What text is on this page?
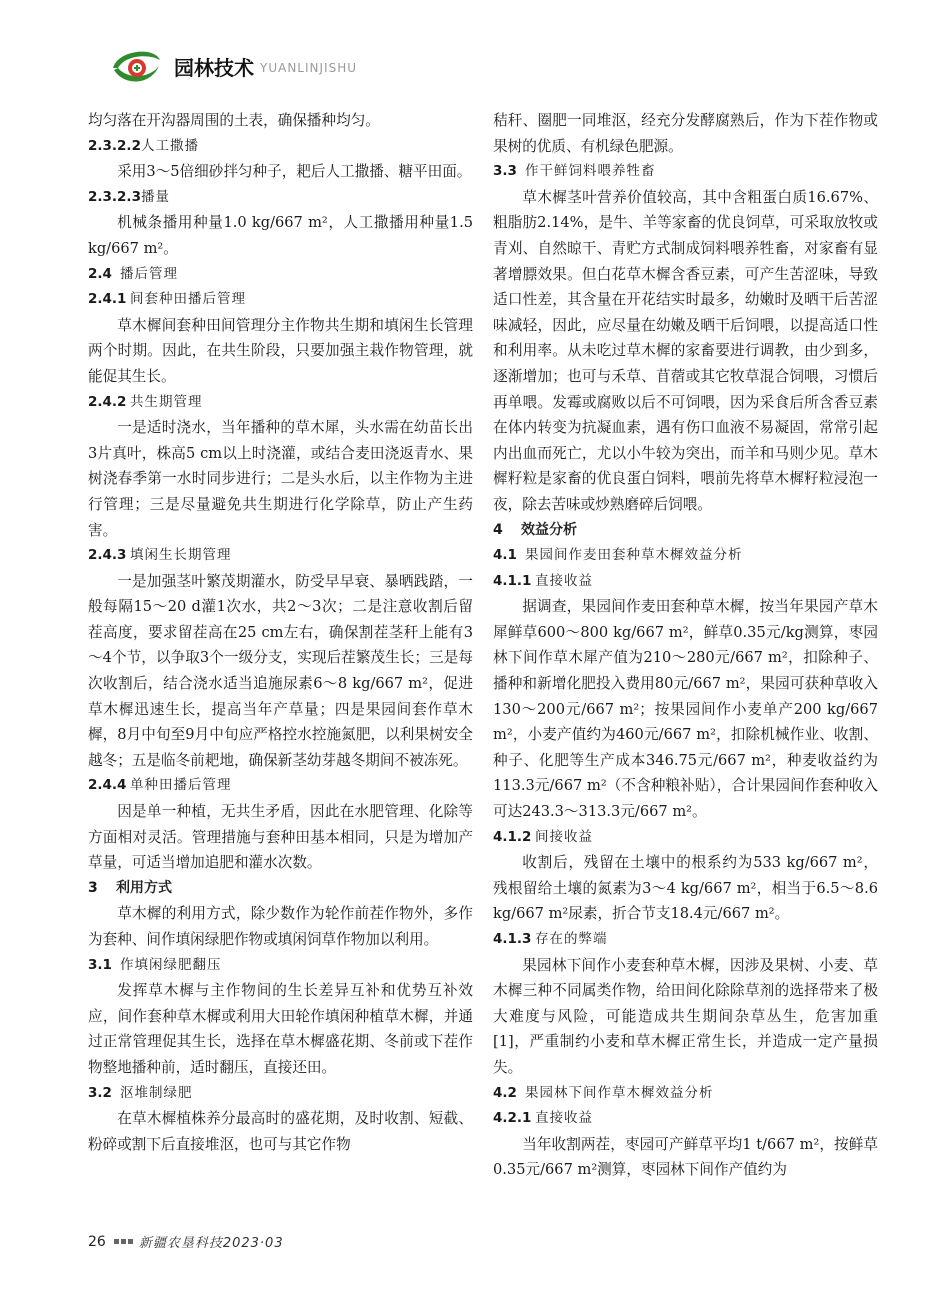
园林技术 YUANLINJISHU

均匀落在开沟器周围的土表，确保播种均匀。

2.3.2.2 人工撒播

采用3～5倍细砂拌匀种子，耙后人工撒播、糖平田面。

2.3.2.3 播量

机械条播用种量1.0 kg/667 m²，人工撒播用种量1.5 kg/667 m²。

2.4 播后管理
2.4.1 间套种田播后管理

草木樨间套种田间管理分主作物共生期和填闲生长管理两个时期。因此，在共生阶段，只要加强主栽作物管理，就能促其生长。

2.4.2 共生期管理

一是适时浇水，当年播种的草木犀，头水需在幼苗长出3片真叶，株高5 cm以上时浇灌，或结合麦田浇返青水、果树浇春季第一水时同步进行；二是头水后，以主作物为主进行管理；三是尽量避免共生期进行化学除草，防止产生药害。

2.4.3 填闲生长期管理

一是加强茎叶繁茂期灌水，防受早早衰、暴晒践踏，一般每隔15～20 d灌1次水，共2～3次；二是注意收割后留茬高度，要求留茬高在25 cm左右，确保割茬茎秆上能有3～4个节，以争取3个一级分支，实现后茬繁茂生长；三是每次收割后，结合浇水适当追施尿素6～8 kg/667 m²，促进草木樨迅速生长，提高当年产草量；四是果园间套作草木樨，8月中旬至9月中旬应严格控水控施氮肥，以利果树安全越冬；五是临冬前耙地，确保新茎幼芽越冬期间不被冻死。

2.4.4 单种田播后管理

因是单一种植，无共生矛盾，因此在水肥管理、化除等方面相对灵活。管理措施与套种田基本相同，只是为增加产草量，可适当增加追肥和灌水次数。

3	利用方式

草木樨的利用方式，除少数作为轮作前茬作物外，多作为套种、间作填闲绿肥作物或填闲饲草作物加以利用。

3.1 作填闲绿肥翻压

发挥草木樨与主作物间的生长差异互补和优势互补效应，间作套种草木樨或利用大田轮作填闲种植草木樨，并通过正常管理促其生长，选择在草木樨盛花期、冬前或下茬作物整地播种前，适时翻压，直接还田。

3.2 沤堆制绿肥

在草木樨植株养分最高时的盛花期，及时收割、短截、粉碎或割下后直接堆沤，也可与其它作物

秸秆、圈肥一同堆沤，经充分发酵腐熟后，作为下茬作物或果树的优质、有机绿色肥源。

3.3 作干鲜饲料喂养牲畜

草木樨茎叶营养价值较高，其中含粗蛋白质16.67%、粗脂肪2.14%，是牛、羊等家畜的优良饲草，可采取放牧或青刈、自然晾干、青贮方式制成饲料喂养牲畜，对家畜有显著增膘效果。但白花草木樨含香豆素，可产生苦涩味，导致适口性差，其含量在开花结实时最多，幼嫩时及晒干后苦涩味减轻，因此，应尽量在幼嫩及晒干后饲喂，以提高适口性和利用率。从未吃过草木樨的家畜要进行调教，由少到多，逐渐增加；也可与禾草、苜蓿或其它牧草混合饲喂，习惯后再单喂。发霉或腐败以后不可饲喂，因为采食后所含香豆素在体内转变为抗凝血素，遇有伤口血液不易凝固，常常引起内出血而死亡，尤以小牛较为突出，而羊和马则少见。草木樨籽粒是家畜的优良蛋白饲料，喂前先将草木樨籽粒浸泡一夜，除去苦味或炒熟磨碎后饲喂。

4	效益分析
4.1 果园间作麦田套种草木樨效益分析
4.1.1 直接收益

据调查，果园间作麦田套种草木樨，按当年果园产草木犀鲜草600～800 kg/667 m²，鲜草0.35元/kg测算，枣园林下间作草木犀产值为210～280元/667 m²，扣除种子、播种和新增化肥投入费用80元/667 m²，果园可获种草收入130～200元/667 m²；按果园间作小麦单产200 kg/667 m²，小麦产值约为460元/667 m²，扣除机械作业、收割、种子、化肥等生产成本346.75元/667 m²，种麦收益约为113.3元/667 m²（不含种粮补贴），合计果园间作套种收入可达243.3～313.3元/667 m²。

4.1.2 间接收益

收割后，残留在土壤中的根系约为533 kg/667 m²，残根留给土壤的氮素为3～4 kg/667 m²，相当于6.5～8.6 kg/667 m²尿素，折合节支18.4元/667 m²。

4.1.3 存在的弊端

果园林下间作小麦套种草木樨，因涉及果树、小麦、草木樨三种不同属类作物，给田间化除除草剂的选择带来了极大难度与风险，可能造成共生期间杂草丛生，危害加重[1]，严重制约小麦和草木樨正常生长，并造成一定产量损失。

4.2 果园林下间作草木樨效益分析
4.2.1 直接收益

当年收割两茬，枣园可产鲜草平均1 t/667 m²，按鲜草0.35元/667 m²测算，枣园林下间作产值约为

26	新疆农垦科技2023·03
